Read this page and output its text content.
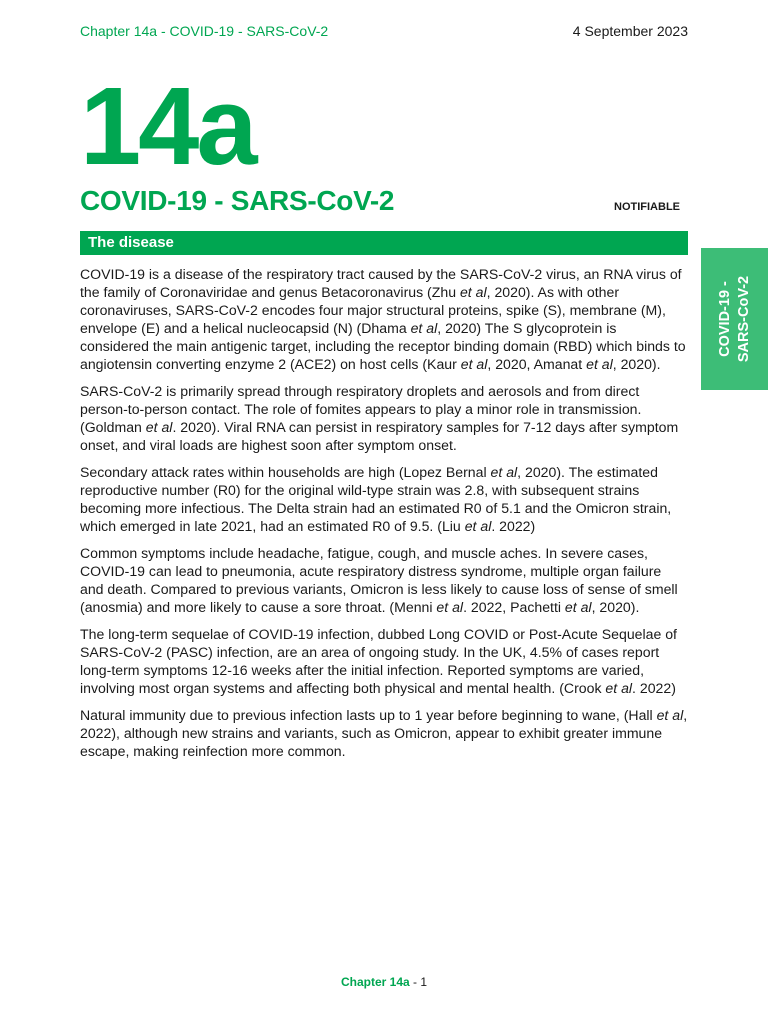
Chapter 14a - COVID-19 - SARS-CoV-2	4 September 2023
14a
COVID-19 - SARS-CoV-2	NOTIFIABLE
The disease
COVID-19 - SARS-CoV-2

COVID-19 is a disease of the respiratory tract caused by the SARS-CoV-2 virus, an RNA virus of the family of Coronaviridae and genus Betacoronavirus (Zhu et al, 2020). As with other coronaviruses, SARS-CoV-2 encodes four major structural proteins, spike (S), membrane (M), envelope (E) and a helical nucleocapsid (N) (Dhama et al, 2020) The S glycoprotein is considered the main antigenic target, including the receptor binding domain (RBD) which binds to angiotensin converting enzyme 2 (ACE2) on host cells (Kaur et al, 2020, Amanat et al, 2020).

SARS-CoV-2 is primarily spread through respiratory droplets and aerosols and from direct person-to-person contact. The role of fomites appears to play a minor role in transmission. (Goldman et al. 2020). Viral RNA can persist in respiratory samples for 7-12 days after symptom onset, and viral loads are highest soon after symptom onset.

Secondary attack rates within households are high (Lopez Bernal et al, 2020). The estimated reproductive number (R0) for the original wild-type strain was 2.8, with subsequent strains becoming more infectious. The Delta strain had an estimated R0 of 5.1 and the Omicron strain, which emerged in late 2021, had an estimated R0 of 9.5. (Liu et al. 2022)

Common symptoms include headache, fatigue, cough, and muscle aches. In severe cases, COVID-19 can lead to pneumonia, acute respiratory distress syndrome, multiple organ failure and death. Compared to previous variants, Omicron is less likely to cause loss of sense of smell (anosmia) and more likely to cause a sore throat. (Menni et al. 2022, Pachetti et al, 2020).

The long-term sequelae of COVID-19 infection, dubbed Long COVID or Post-Acute Sequelae of SARS-CoV-2 (PASC) infection, are an area of ongoing study. In the UK, 4.5% of cases report long-term symptoms 12-16 weeks after the initial infection. Reported symptoms are varied, involving most organ systems and affecting both physical and mental health. (Crook et al. 2022)

Natural immunity due to previous infection lasts up to 1 year before beginning to wane, (Hall et al, 2022), although new strains and variants, such as Omicron, appear to exhibit greater immune escape, making reinfection more common.

Chapter 14a - 1
